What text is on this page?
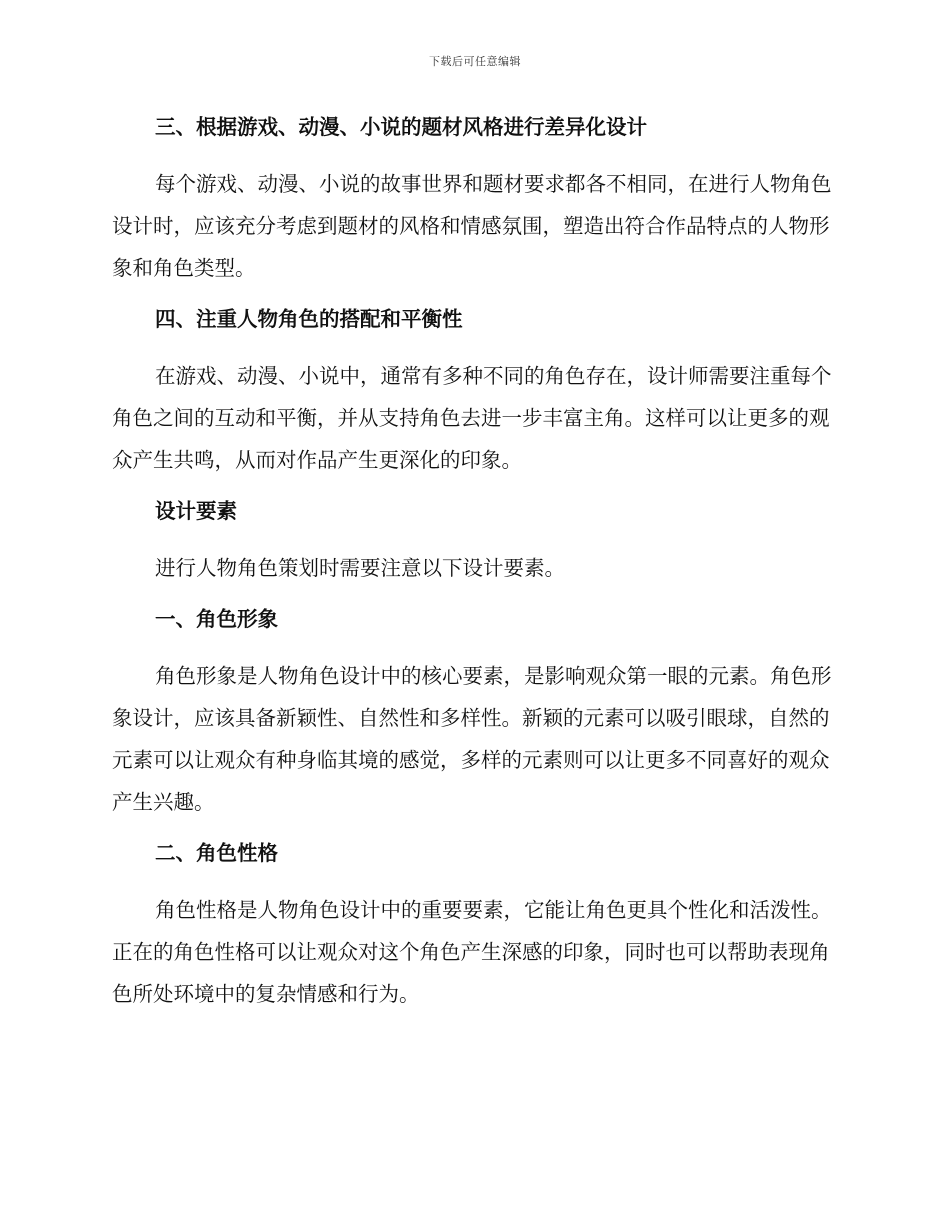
下载后可任意编辑

三、根据游戏、动漫、小说的题材风格进行差异化设计

每个游戏、动漫、小说的故事世界和题材要求都各不相同，在进行人物角色设计时，应该充分考虑到题材的风格和情感氛围，塑造出符合作品特点的人物形象和角色类型。

四、注重人物角色的搭配和平衡性

在游戏、动漫、小说中，通常有多种不同的角色存在，设计师需要注重每个角色之间的互动和平衡，并从支持角色去进一步丰富主角。这样可以让更多的观众产生共鸣，从而对作品产生更深化的印象。

设计要素

进行人物角色策划时需要注意以下设计要素。

一、角色形象

角色形象是人物角色设计中的核心要素，是影响观众第一眼的元素。角色形象设计，应该具备新颖性、自然性和多样性。新颖的元素可以吸引眼球，自然的元素可以让观众有种身临其境的感觉，多样的元素则可以让更多不同喜好的观众产生兴趣。

二、角色性格

角色性格是人物角色设计中的重要要素，它能让角色更具个性化和活泼性。正在的角色性格可以让观众对这个角色产生深感的印象，同时也可以帮助表现角色所处环境中的复杂情感和行为。
